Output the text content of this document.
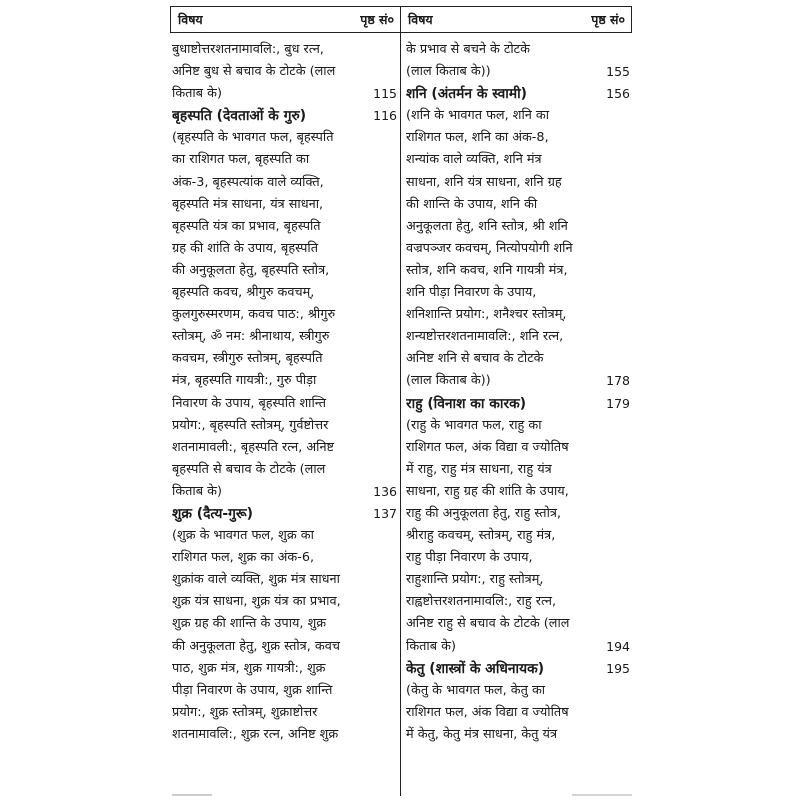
विषय	पृष्ठ सं० विषय	पृष्ठ सं०
बुधाष्टोत्तरशतनामावलि:, बुध रत्न,
अनिष्ट बुध से बचाव के टोटके (लाल
किताब के)	115
बृहस्पति (देवताओं के गुरु)	116
(बृहस्पति के भावगत फल, बृहस्पति
का राशिगत फल, बृहस्पति का
अंक-3, बृहस्पत्यांक वाले व्यक्ति,
बृहस्पति मंत्र साधना, यंत्र साधना,
बृहस्पति यंत्र का प्रभाव, बृहस्पति
ग्रह की शांति के उपाय, बृहस्पति
की अनुकूलता हेतु, बृहस्पति स्तोत्र,
बृहस्पति कवच, श्रीगुरु कवचम्,
कुलगुरुस्मरणम, कवच पाठ:, श्रीगुरु
स्तोत्रम्, ॐ नम: श्रीनाथाय, स्त्रीगुरु
कवचम, स्त्रीगुरु स्तोत्रम्, बृहस्पति
मंत्र, बृहस्पति गायत्री:, गुरु पीड़ा
निवारण के उपाय, बृहस्पति शान्ति
प्रयोग:, बृहस्पति स्तोत्रम्, गुर्वष्टोत्तर
शतनामावली:, बृहस्पति रत्न, अनिष्ट
बृहस्पति से बचाव के टोटके (लाल
किताब के)	136
शुक्र (दैत्य-गुरू)	137
(शुक्र के भावगत फल, शुक्र का
राशिगत फल, शुक्र का अंक-6,
शुक्रांक वाले व्यक्ति, शुक्र मंत्र साधना
शुक्र यंत्र साधना, शुक्र यंत्र का प्रभाव,
शुक्र ग्रह की शान्ति के उपाय, शुक्र
की अनुकूलता हेतु, शुक्र स्तोत्र, कवच
पाठ, शुक्र मंत्र, शुक्र गायत्री:, शुक्र
पीड़ा निवारण के उपाय, शुक्र शान्ति
प्रयोग:, शुक्र स्तोत्रम्, शुक्राष्टोत्तर
शतनामावलि:, शुक्र रत्न, अनिष्ट शुक्र
के प्रभाव से बचने के टोटके
(लाल किताब के))	155
शनि (अंतर्मन के स्वामी)	156
(शनि के भावगत फल, शनि का
राशिगत फल, शनि का अंक-8,
शन्यांक वाले व्यक्ति, शनि मंत्र
साधना, शनि यंत्र साधना, शनि ग्रह
की शान्ति के उपाय, शनि की
अनुकूलता हेतु, शनि स्तोत्र, श्री शनि
वज्रपञ्जर कवचम्, नित्योपयोगी शनि
स्तोत्र, शनि कवच, शनि गायत्री मंत्र,
शनि पीड़ा निवारण के उपाय,
शनिशान्ति प्रयोग:, शनैश्चर स्तोत्रम्,
शन्यष्टोत्तरशतनामावलि:, शनि रत्न,
अनिष्ट शनि से बचाव के टोटके
(लाल किताब के))	178
राहु (विनाश का कारक)	179
(राहु के भावगत फल, राहु का
राशिगत फल, अंक विद्या व ज्योतिष
में राहु, राहु मंत्र साधना, राहु यंत्र
साधना, राहु ग्रह की शांति के उपाय,
राहु की अनुकूलता हेतु, राहु स्तोत्र,
श्रीराहु कवचम्, स्तोत्रम्, राहु मंत्र,
राहु पीड़ा निवारण के उपाय,
राहुशान्ति प्रयोग:, राहु स्तोत्रम्,
राह्वष्टोत्तरशतनामावलि:, राहु रत्न,
अनिष्ट राहु से बचाव के टोटके (लाल
किताब के)	194
केतु (शास्त्रों के अधिनायक)	195
(केतु के भावगत फल, केतु का
राशिगत फल, अंक विद्या व ज्योतिष
में केतु, केतु मंत्र साधना, केतु यंत्र
